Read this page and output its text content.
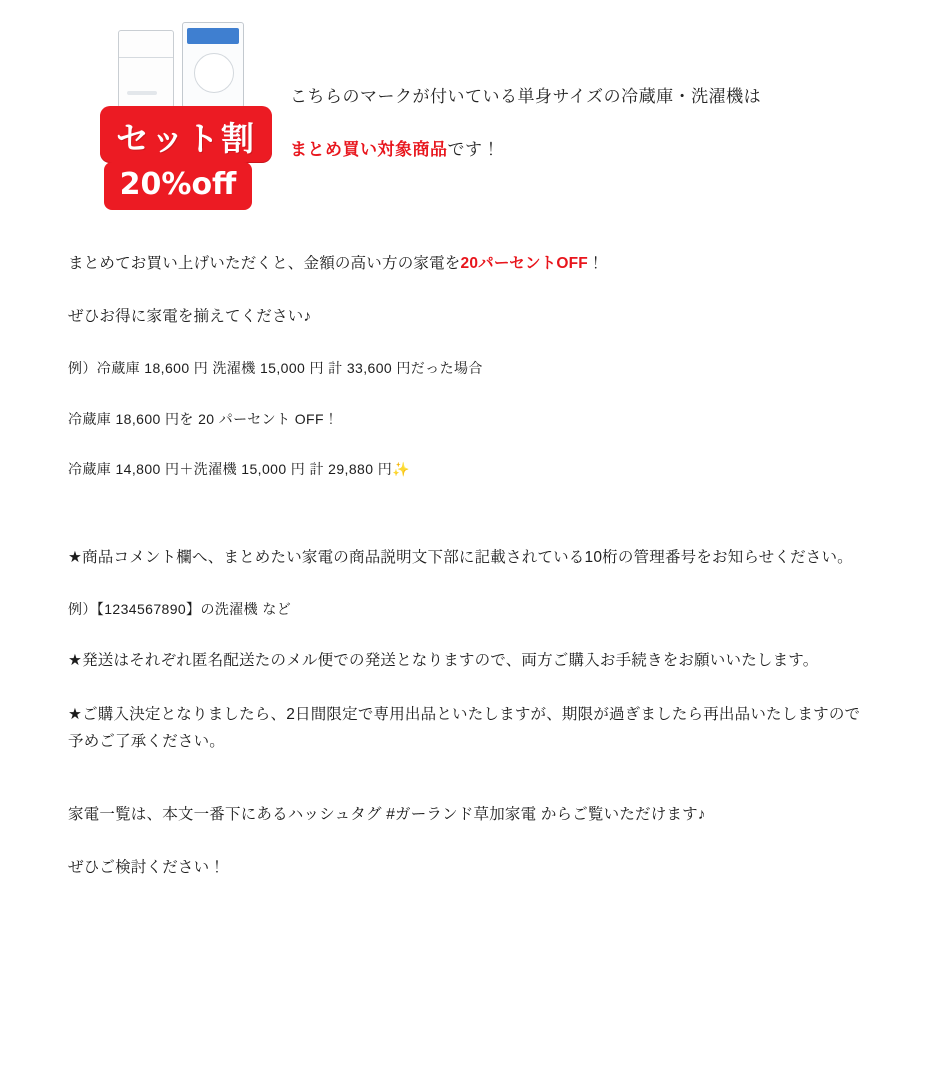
セット割
20%off
こちらのマークが付いている単身サイズの冷蔵庫・洗濯機は
まとめ買い対象商品です！

まとめてお買い上げいただくと、金額の高い方の家電を20パーセントOFF！

ぜひお得に家電を揃えてください♪

例）冷蔵庫 18,600 円 洗濯機 15,000 円 計 33,600 円だった場合

冷蔵庫 18,600 円を 20 パーセント OFF！

冷蔵庫 14,800 円＋洗濯機 15,000 円 計 29,880 円✨

★商品コメント欄へ、まとめたい家電の商品説明文下部に記載されている10桁の管理番号をお知らせください。

例）【1234567890】の洗濯機 など

★発送はそれぞれ匿名配送たのメル便での発送となりますので、両方ご購入お手続きをお願いいたします。

★ご購入決定となりましたら、2日間限定で専用出品といたしますが、期限が過ぎましたら再出品いたしますので予めご了承ください。

家電一覧は、本文一番下にあるハッシュタグ #ガーランド草加家電 からご覧いただけます♪

ぜひご検討ください！
